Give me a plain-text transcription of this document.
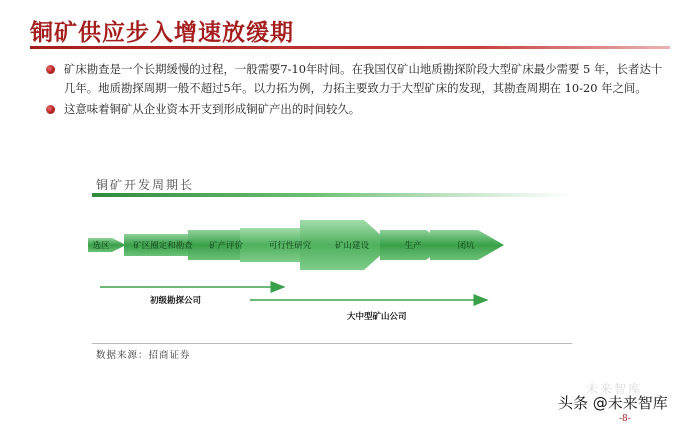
铜矿供应步入增速放缓期
矿床勘查是一个长期缓慢的过程，一般需要7-10年时间。在我国仅矿山地质勘探阶段大型矿床最少需要 5 年，长者达十几年。地质勘探周期一般不超过5年。以力拓为例，力拓主要致力于大型矿床的发现，其勘查周期在 10-20 年之间。
这意味着铜矿从企业资本开支到形成铜矿产出的时间较久。
铜矿开发周期长
选区	矿区圈定和勘查 矿产评价	可行性研究	矿山建设	生产	闭坑
初级勘探公司
大中型矿山公司
数据来源：招商证券
未来智库
头条 @未来智库
-8-
